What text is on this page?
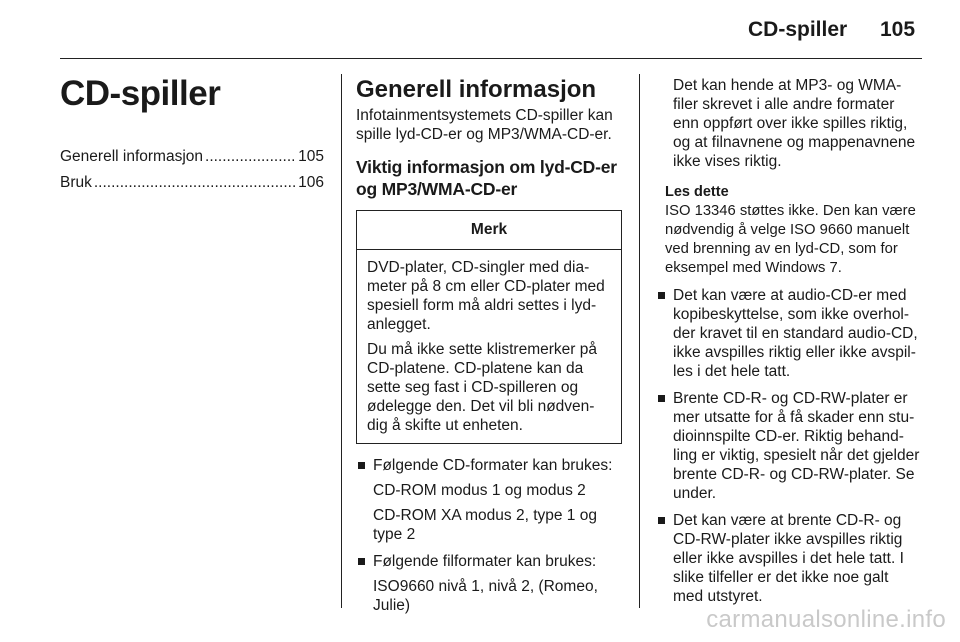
CD-spiller 105
CD-spiller
Generell informasjon .....	105
Bruk .....	106
Generell informasjon

Infotainmentsystemets CD-spiller kan spille lyd-CD-er og MP3/WMA-CD-er.

Viktig informasjon om lyd-CD-er og MP3/WMA-CD-er
Merk

DVD-plater, CD-singler med dia-meter på 8 cm eller CD-plater med spesiell form må aldri settes i lyd-anlegget.

Du må ikke sette klistremerker på CD-platene. CD-platene kan da sette seg fast i CD-spilleren og ødelegge den. Det vil bli nødven-dig å skifte ut enheten.

Følgende CD-formater kan brukes:

CD-ROM modus 1 og modus 2

CD-ROM XA modus 2, type 1 og type 2

Følgende filformater kan brukes:

ISO9660 nivå 1, nivå 2, (Romeo, Julie)

Det kan hende at MP3- og WMA-filer skrevet i alle andre formater enn oppført over ikke spilles riktig, og at filnavnene og mappenavnene ikke vises riktig.

Les dette

ISO 13346 støttes ikke. Den kan være nødvendig å velge ISO 9660 manuelt ved brenning av en lyd-CD, som for eksempel med Windows 7.

Det kan være at audio-CD-er med kopibeskyttelse, som ikke overhol-der kravet til en standard audio-CD, ikke avspilles riktig eller ikke avspil-les i det hele tatt.

Brente CD-R- og CD-RW-plater er mer utsatte for å få skader enn stu-dioinnspilte CD-er. Riktig behand-ling er viktig, spesielt når det gjelder brente CD-R- og CD-RW-plater. Se under.

Det kan være at brente CD-R- og CD-RW-plater ikke avspilles riktig eller ikke avspilles i det hele tatt. I slike tilfeller er det ikke noe galt med utstyret.

carmanualsonline.info
